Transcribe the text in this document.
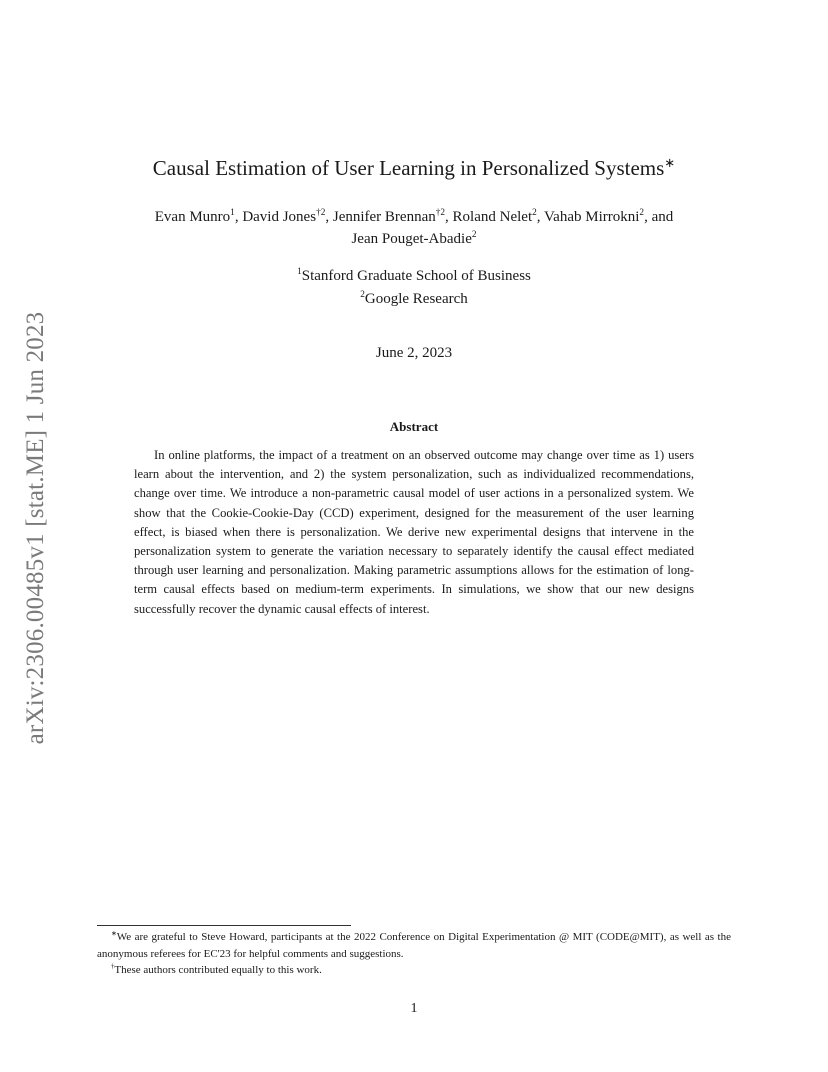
arXiv:2306.00485v1 [stat.ME] 1 Jun 2023
Causal Estimation of User Learning in Personalized Systems∗
Evan Munro$^1$, David Jones$^{\dagger 2}$, Jennifer Brennan$^{\dagger 2}$, Roland Nelet$^2$, Vahab Mirrokni$^2$, and
Jean Pouget-Abadie$^2$
$^1$Stanford Graduate School of Business
$^2$Google Research
June 2, 2023
Abstract

In online platforms, the impact of a treatment on an observed outcome may change over time as 1) users learn about the intervention, and 2) the system personalization, such as individualized recommendations, change over time. We introduce a non-parametric causal model of user actions in a personalized system. We show that the Cookie-Cookie-Day (CCD) experiment, designed for the measurement of the user learning effect, is biased when there is personalization. We derive new experimental designs that intervene in the personalization system to generate the variation necessary to separately identify the causal effect mediated through user learning and personalization. Making parametric assumptions allows for the estimation of long-term causal effects based on medium-term experiments. In simulations, we show that our new designs successfully recover the dynamic causal effects of interest.

∗We are grateful to Steve Howard, participants at the 2022 Conference on Digital Experimentation @ MIT (CODE@MIT), as well as the anonymous referees for EC'23 for helpful comments and suggestions.

†These authors contributed equally to this work.

1
